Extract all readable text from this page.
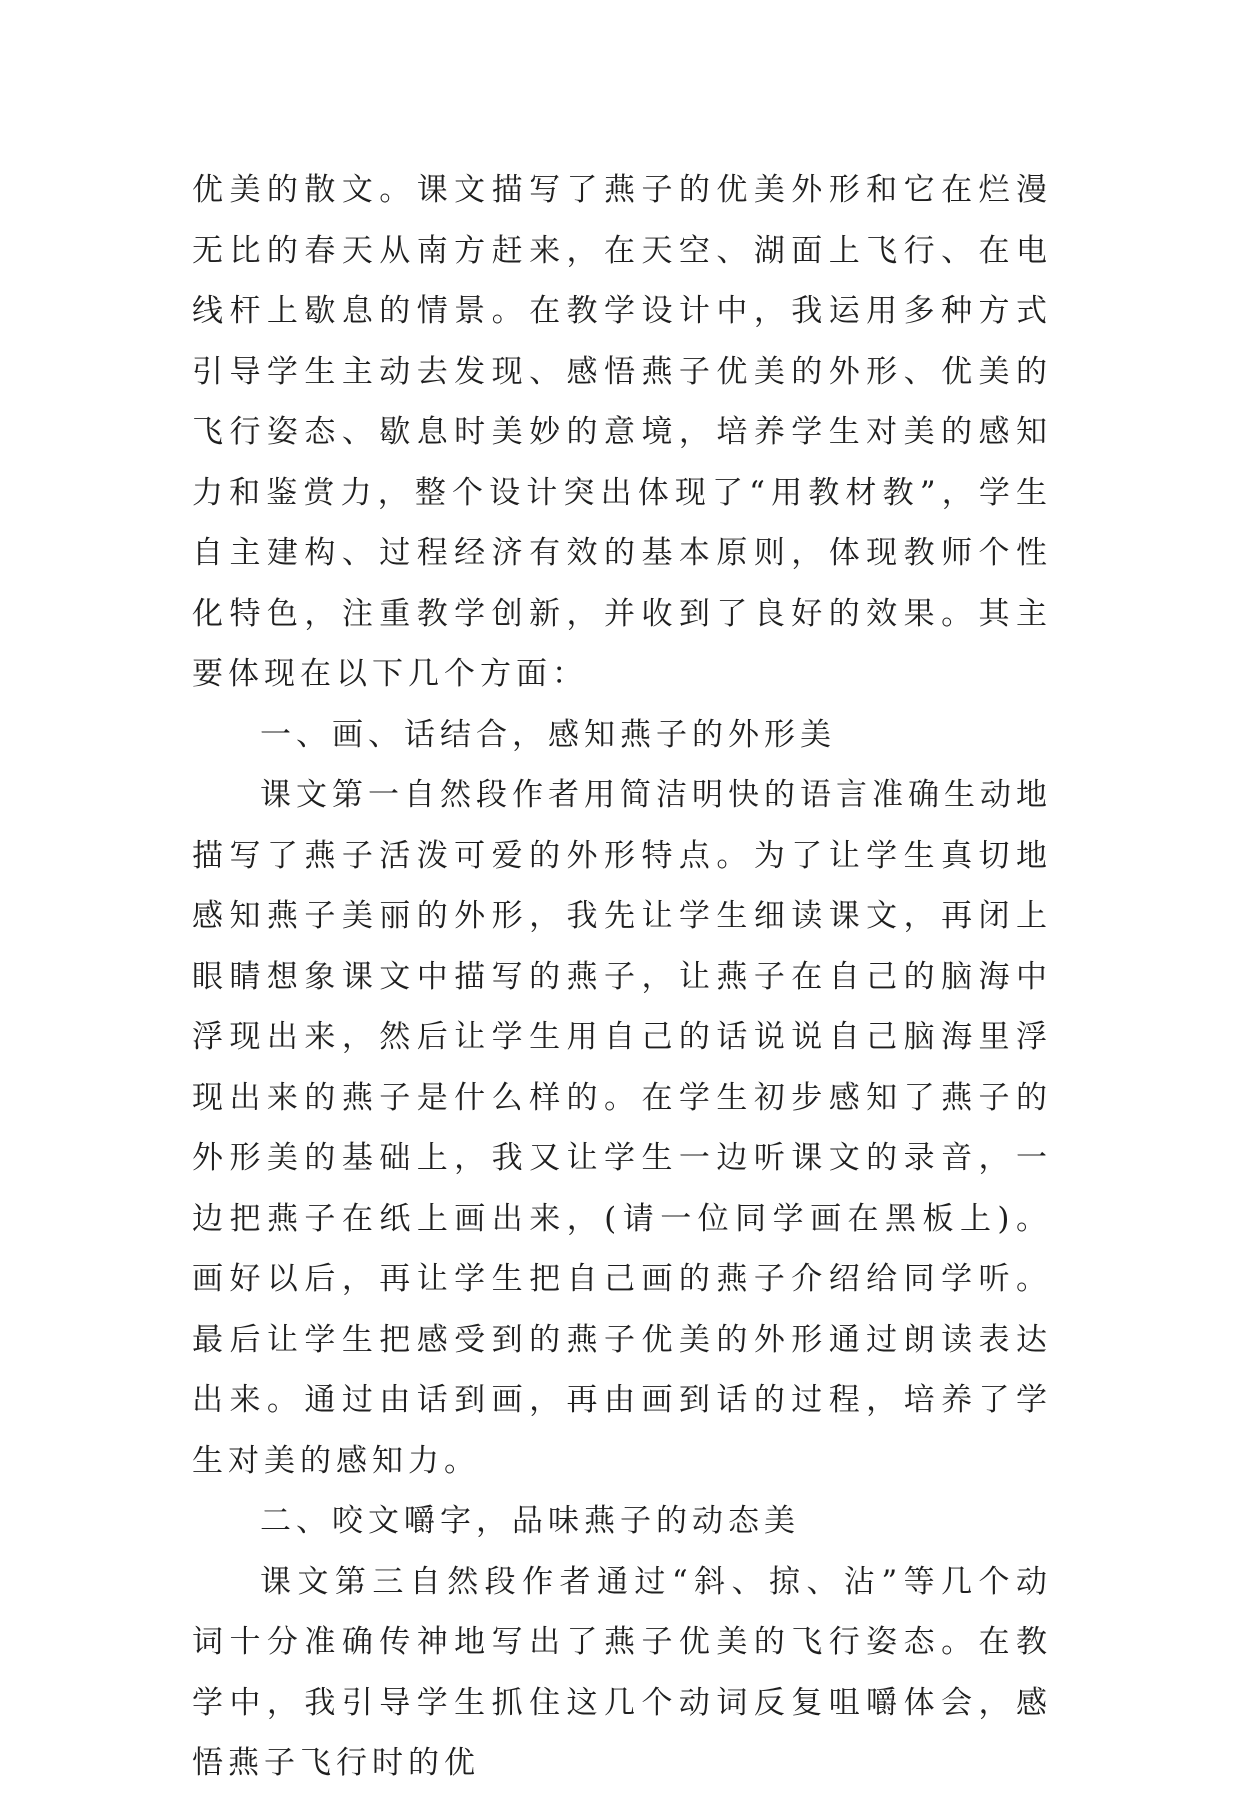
优美的散文。课文描写了燕子的优美外形和它在烂漫无比的春天从南方赶来，在天空、湖面上飞行、在电线杆上歇息的情景。在教学设计中，我运用多种方式引导学生主动去发现、感悟燕子优美的外形、优美的飞行姿态、歇息时美妙的意境，培养学生对美的感知力和鉴赏力，整个设计突出体现了“用教材教”，学生自主建构、过程经济有效的基本原则，体现教师个性化特色，注重教学创新，并收到了良好的效果。其主要体现在以下几个方面：

一、画、话结合，感知燕子的外形美

课文第一自然段作者用简洁明快的语言准确生动地描写了燕子活泼可爱的外形特点。为了让学生真切地感知燕子美丽的外形，我先让学生细读课文，再闭上眼睛想象课文中描写的燕子，让燕子在自己的脑海中浮现出来，然后让学生用自己的话说说自己脑海里浮现出来的燕子是什么样的。在学生初步感知了燕子的外形美的基础上，我又让学生一边听课文的录音，一边把燕子在纸上画出来，(请一位同学画在黑板上)。画好以后，再让学生把自己画的燕子介绍给同学听。最后让学生把感受到的燕子优美的外形通过朗读表达出来。通过由话到画，再由画到话的过程，培养了学生对美的感知力。

二、咬文嚼字，品味燕子的动态美

课文第三自然段作者通过“斜、掠、沾”等几个动词十分准确传神地写出了燕子优美的飞行姿态。在教学中，我引导学生抓住这几个动词反复咀嚼体会，感悟燕子飞行时的优
